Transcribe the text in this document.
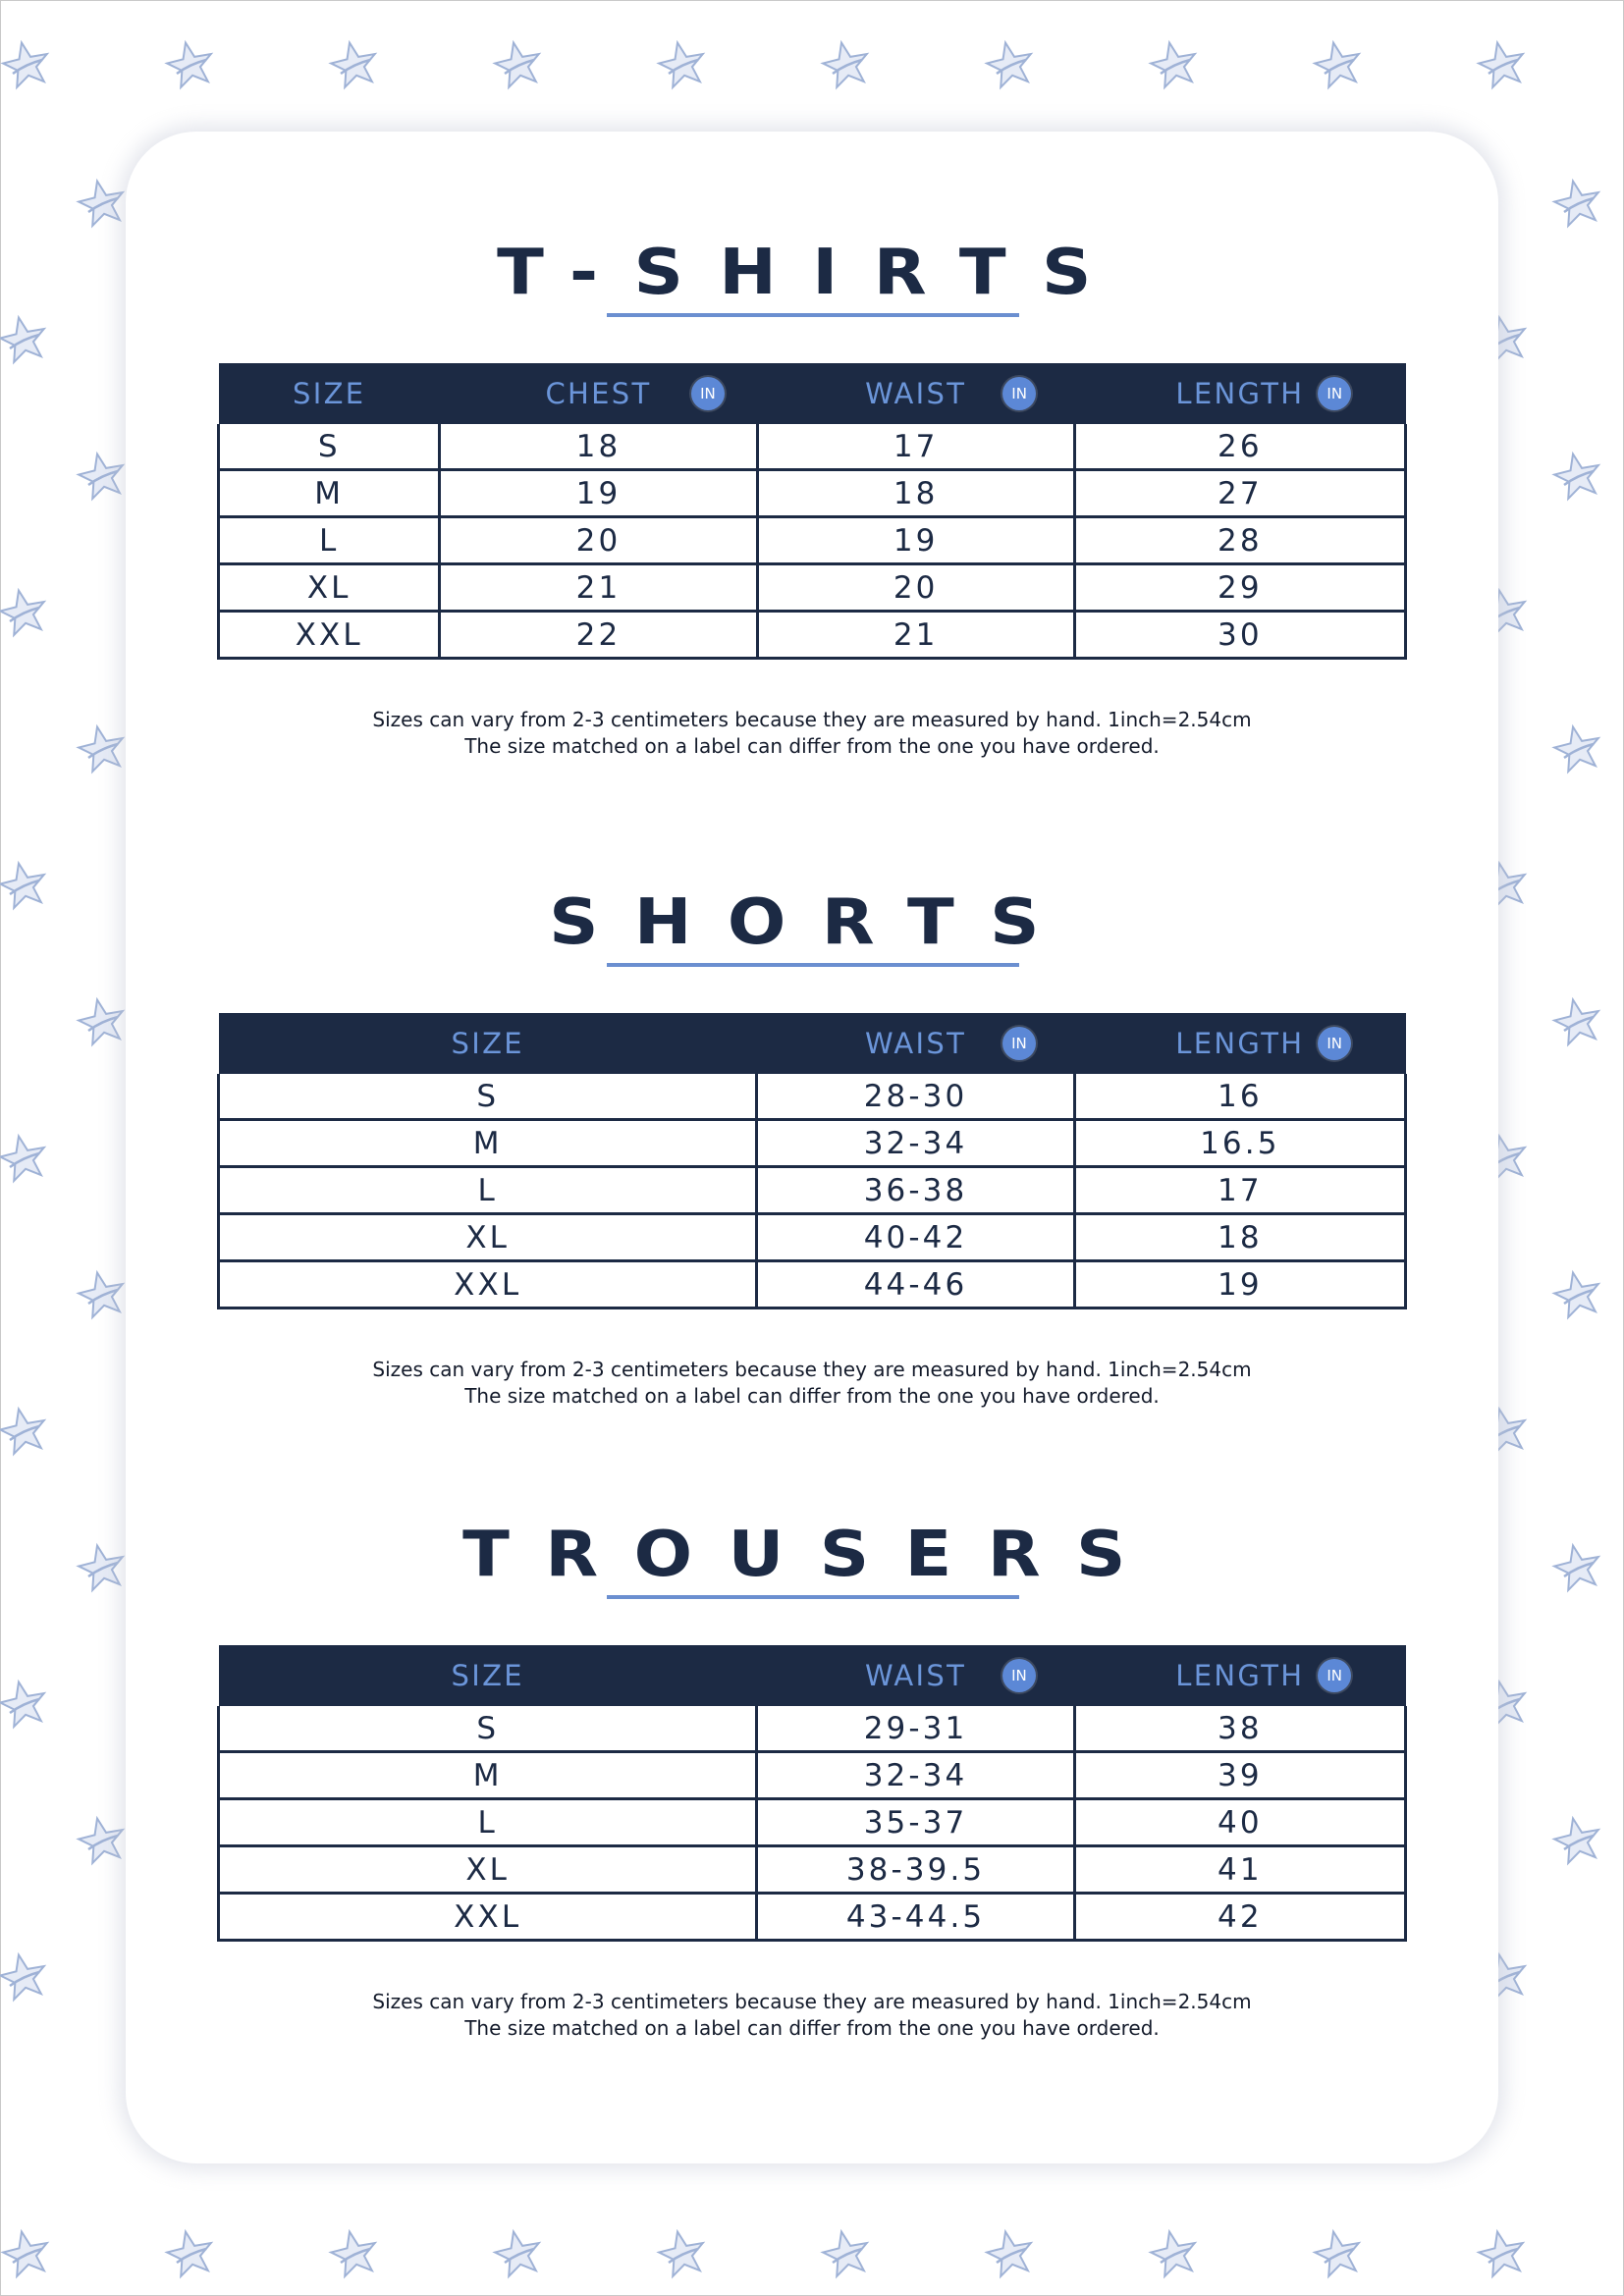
T-SHIRTS
SIZE	CHEST IN	WAIST IN	LENGTH IN

S	18	17	26
M	19	18	27
L	20	19	28
XL	21	20	29
XXL	22	21	30
Sizes can vary from 2-3 centimeters because they are measured by hand. 1inch=2.54cm
The size matched on a label can differ from the one you have ordered.
SHORTS
SIZE	WAIST IN	LENGTH IN

S	28-30	16
M	32-34	16.5
L	36-38	17
XL	40-42	18
XXL	44-46	19
Sizes can vary from 2-3 centimeters because they are measured by hand. 1inch=2.54cm
The size matched on a label can differ from the one you have ordered.
TROUSERS
SIZE	WAIST IN	LENGTH IN

S	29-31	38
M	32-34	39
L	35-37	40
XL	38-39.5	41
XXL	43-44.5	42
Sizes can vary from 2-3 centimeters because they are measured by hand. 1inch=2.54cm
The size matched on a label can differ from the one you have ordered.
